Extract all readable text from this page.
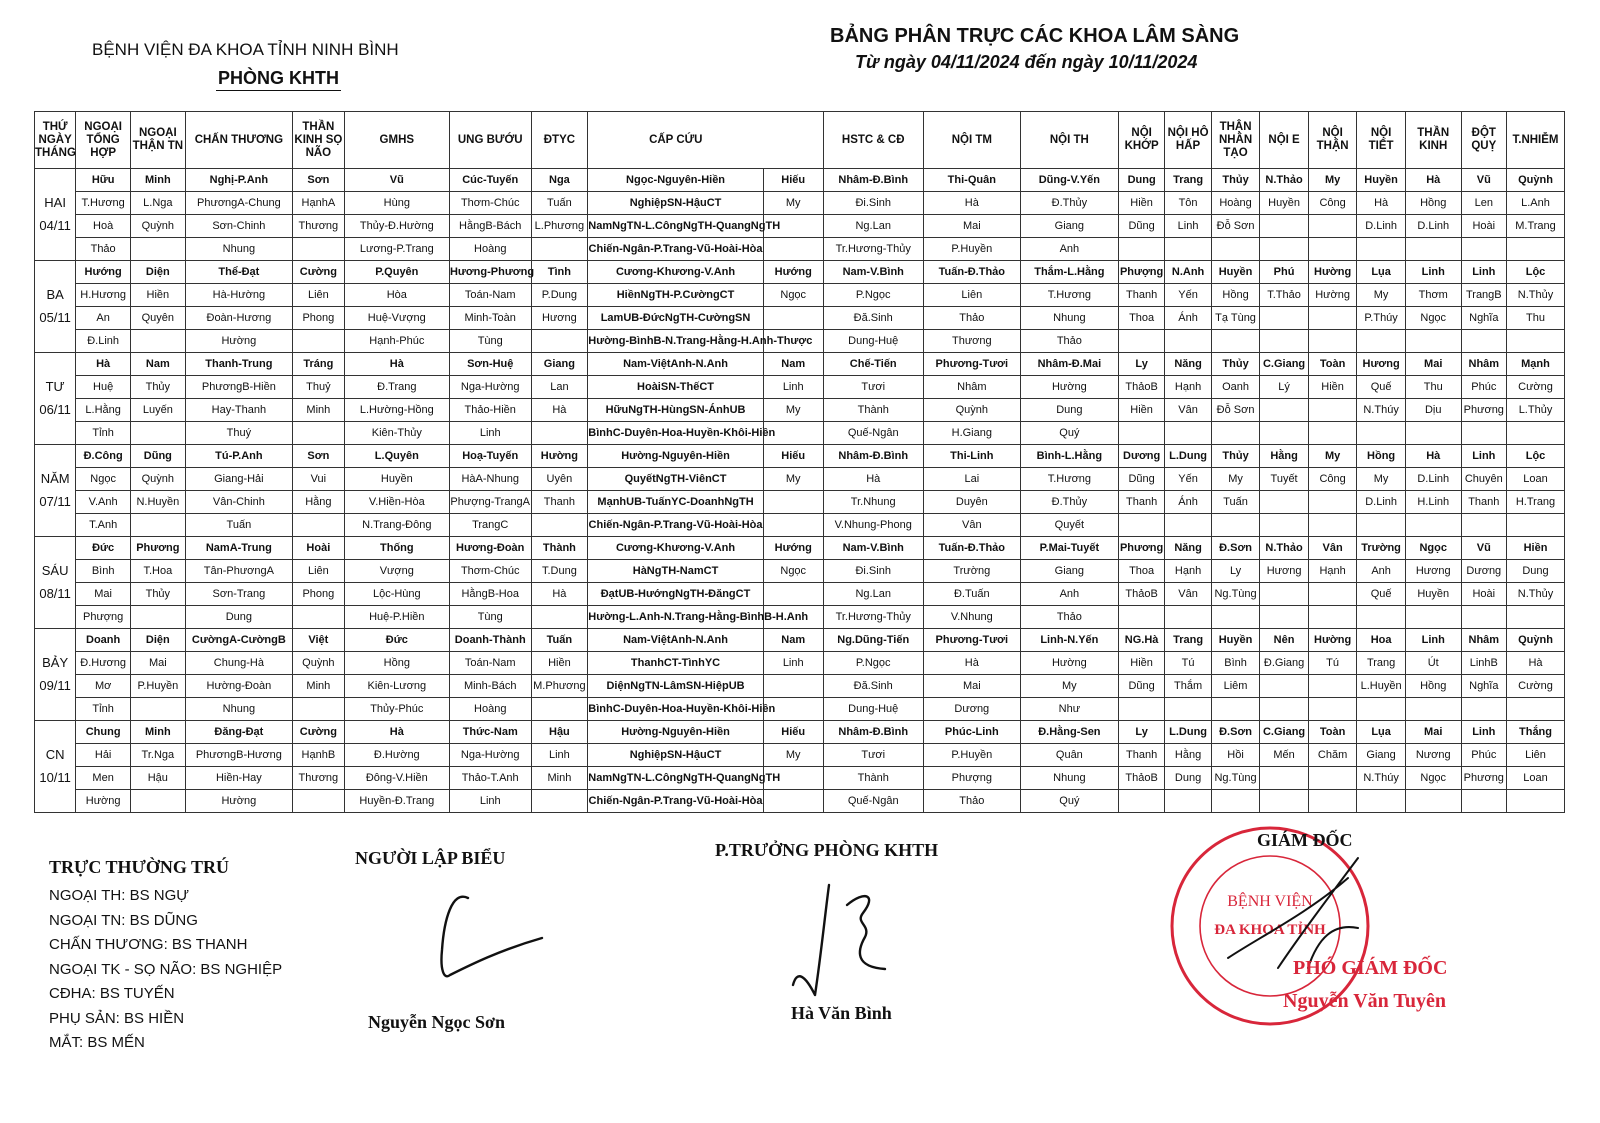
BỆNH VIỆN ĐA KHOA TỈNH NINH BÌNH
PHÒNG KHTH
BẢNG PHÂN TRỰC CÁC KHOA LÂM SÀNG
Từ ngày 04/11/2024 đến ngày 10/11/2024
THỨ NGÀY THÁNG	NGOẠI TỔNG HỢP	NGOẠI THẬN TN	CHẤN THƯƠNG	THẦN KINH SỌ NÃO	GMHS	UNG BƯỚU	ĐTYC	CẤP CỨU		HSTC & CĐ	NỘI TM	NỘI TH	NỘI KHỚP	NỘI HÔ HẤP	THẬN NHÂN TẠO	NỘI E	NỘI THẬN	NỘI TIẾT	THẦN KINH	ĐỘT QUỴ	T.NHIỄM
	Hữu	Minh	Nghị-P.Anh	Sơn	Vũ	Cúc-Tuyến	Nga	Ngọc-Nguyên-Hiền	Hiếu	Nhâm-Đ.Bình	Thi-Quân	Dũng-V.Yến	Dung	Trang	Thủy	N.Thảo	My	Huyền	Hà	Vũ	Quỳnh
HAI	T.Hương	L.Nga	PhươngA-Chung	HạnhA	Hùng	Thơm-Chúc	Tuấn	NghiệpSN-HậuCT	My	Đi.Sinh	Hà	Đ.Thủy	Hiền	Tôn	Hoàng	Huyền	Công	Hà	Hồng	Len	L.Anh
04/11	Hoà	Quỳnh	Sơn-Chinh	Thương	Thủy-Đ.Hường	HằngB-Bách	L.Phương	NamNgTN-L.CôngNgTH-QuangNgTH		Ng.Lan	Mai	Giang	Dũng	Linh	Đỗ Sơn			D.Linh	D.Linh	Hoài	M.Trang
	Thảo		Nhung		Lương-P.Trang	Hoàng		Chiến-Ngân-P.Trang-Vũ-Hoài-Hòa		Tr.Hương-Thủy	P.Huyền	Anh									
	Hướng	Diện	Thể-Đạt	Cường	P.Quyên	Hương-Phương	Tình	Cương-Khương-V.Anh	Hướng	Nam-V.Bình	Tuấn-Đ.Thảo	Thắm-L.Hằng	Phượng	N.Anh	Huyền	Phú	Hường	Lụa	Linh	Linh	Lộc
BA	H.Hương	Hiền	Hà-Hường	Liên	Hòa	Toán-Nam	P.Dung	HiềnNgTH-P.CườngCT	Ngọc	P.Ngọc	Liên	T.Hương	Thanh	Yến	Hồng	T.Thảo	Hường	My	Thơm	TrangB	N.Thủy
05/11	An	Quyên	Đoàn-Hương	Phong	Huệ-Vượng	Minh-Toàn	Hương	LamUB-ĐứcNgTH-CườngSN		Đă.Sinh	Thảo	Nhung	Thoa	Ánh	Tạ Tùng			P.Thúy	Ngọc	Nghĩa	Thu
	Đ.Linh		Hường		Hạnh-Phúc	Tùng		Hường-BìnhB-N.Trang-Hằng-H.Anh-Thược		Dung-Huệ	Thương	Thảo									
	Hà	Nam	Thanh-Trung	Tráng	Hà	Sơn-Huệ	Giang	Nam-ViệtAnh-N.Anh	Nam	Chế-Tiến	Phương-Tươi	Nhâm-Đ.Mai	Ly	Năng	Thủy	C.Giang	Toàn	Hương	Mai	Nhâm	Mạnh
TƯ	Huệ	Thủy	PhươngB-Hiền	Thuỷ	Đ.Trang	Nga-Hường	Lan	HoàiSN-ThếCT	Linh	Tươi	Nhâm	Hường	ThảoB	Hạnh	Oanh	Lý	Hiền	Quế	Thu	Phúc	Cường
06/11	L.Hằng	Luyến	Hay-Thanh	Minh	L.Hường-Hồng	Thảo-Hiền	Hà	HữuNgTH-HùngSN-ÁnhUB	My	Thành	Quỳnh	Dung	Hiền	Vân	Đỗ Sơn			N.Thúy	Dịu	Phương	L.Thủy
	Tỉnh		Thuý		Kiên-Thủy	Linh		BìnhC-Duyên-Hoa-Huyền-Khôi-Hiền		Quế-Ngân	H.Giang	Quý									
	Đ.Công	Dũng	Tú-P.Anh	Sơn	L.Quyên	Hoạ-Tuyến	Hường	Hường-Nguyên-Hiền	Hiếu	Nhâm-Đ.Bình	Thi-Linh	Bình-L.Hằng	Dương	L.Dung	Thủy	Hằng	My	Hồng	Hà	Linh	Lộc
NĂM	Ngọc	Quỳnh	Giang-Hải	Vui	Huyền	HàA-Nhung	Uyên	QuyếtNgTH-ViênCT	My	Hà	Lai	T.Hương	Dũng	Yến	My	Tuyết	Công	My	D.Linh	Chuyên	Loan
07/11	V.Anh	N.Huyền	Vân-Chinh	Hằng	V.Hiền-Hòa	Phượng-TrangA	Thanh	MạnhUB-TuấnYC-DoanhNgTH		Tr.Nhung	Duyên	Đ.Thủy	Thanh	Ánh	Tuấn			D.Linh	H.Linh	Thanh	H.Trang
	T.Anh		Tuấn		N.Trang-Đông	TrangC		Chiến-Ngân-P.Trang-Vũ-Hoài-Hòa		V.Nhung-Phong	Vân	Quyết									
	Đức	Phương	NamA-Trung	Hoài	Thống	Hương-Đoàn	Thành	Cương-Khương-V.Anh	Hướng	Nam-V.Bình	Tuấn-Đ.Thảo	P.Mai-Tuyết	Phương	Năng	Đ.Sơn	N.Thảo	Vân	Trường	Ngọc	Vũ	Hiền
SÁU	Bình	T.Hoa	Tân-PhươngA	Liên	Vượng	Thơm-Chúc	T.Dung	HàNgTH-NamCT	Ngọc	Đi.Sinh	Trường	Giang	Thoa	Hạnh	Ly	Hương	Hạnh	Anh	Hương	Dương	Dung
08/11	Mai	Thủy	Sơn-Trang	Phong	Lộc-Hùng	HằngB-Hoa	Hà	ĐạtUB-HướngNgTH-ĐăngCT		Ng.Lan	Đ.Tuấn	Anh	ThảoB	Vân	Ng.Tùng			Quế	Huyền	Hoài	N.Thủy
	Phượng		Dung		Huệ-P.Hiền	Tùng		Hường-L.Anh-N.Trang-Hằng-BìnhB-H.Anh		Tr.Hương-Thủy	V.Nhung	Thảo									
	Doanh	Diện	CườngA-CườngB	Việt	Đức	Doanh-Thành	Tuấn	Nam-ViệtAnh-N.Anh	Nam	Ng.Dũng-Tiến	Phương-Tươi	Linh-N.Yến	NG.Hà	Trang	Huyền	Nên	Hường	Hoa	Linh	Nhâm	Quỳnh
BẢY	Đ.Hương	Mai	Chung-Hà	Quỳnh	Hồng	Toán-Nam	Hiền	ThanhCT-TìnhYC	Linh	P.Ngọc	Hà	Hường	Hiền	Tú	Bình	Đ.Giang	Tú	Trang	Út	LinhB	Hà
09/11	Mơ	P.Huyền	Hường-Đoàn	Minh	Kiên-Lương	Minh-Bách	M.Phương	DiệnNgTN-LâmSN-HiệpUB		Đă.Sinh	Mai	My	Dũng	Thắm	Liêm			L.Huyền	Hồng	Nghĩa	Cường
	Tỉnh		Nhung		Thủy-Phúc	Hoàng		BìnhC-Duyên-Hoa-Huyền-Khôi-Hiền		Dung-Huệ	Dương	Như									
	Chung	Minh	Đăng-Đạt	Cường	Hà	Thức-Nam	Hậu	Hường-Nguyên-Hiền	Hiếu	Nhâm-Đ.Bình	Phúc-Linh	Đ.Hằng-Sen	Ly	L.Dung	Đ.Sơn	C.Giang	Toàn	Lụa	Mai	Linh	Thắng
CN	Hải	Tr.Nga	PhươngB-Hương	HạnhB	Đ.Hường	Nga-Hường	Linh	NghiệpSN-HậuCT	My	Tươi	P.Huyền	Quân	Thanh	Hằng	Hồi	Mến	Chăm	Giang	Nương	Phúc	Liên
10/11	Men	Hậu	Hiền-Hay	Thương	Đông-V.Hiền	Thảo-T.Anh	Minh	NamNgTN-L.CôngNgTH-QuangNgTH		Thành	Phượng	Nhung	ThảoB	Dung	Ng.Tùng			N.Thúy	Ngọc	Phương	Loan
	Hường		Hường		Huyền-Đ.Trang	Linh		Chiến-Ngân-P.Trang-Vũ-Hoài-Hòa		Quế-Ngân	Thảo	Quý									
TRỰC THƯỜNG TRÚ
NGOẠI TH: BS NGỰ
NGOẠI TN: BS DŨNG
CHẤN THƯƠNG: BS THANH
NGOẠI TK - SỌ NÃO: BS NGHIỆP
CĐHA: BS TUYẾN
PHỤ SẢN: BS HIỀN
MẮT: BS MẾN
NGƯỜI LẬP BIỂU
Nguyễn Ngọc Sơn
P.TRƯỞNG PHÒNG KHTH
Hà Văn Bình
BỆNH VIỆN
ĐA KHOA TỈNH
GIÁM ĐỐC
PHÓ GIÁM ĐỐC
Nguyễn Văn Tuyên
